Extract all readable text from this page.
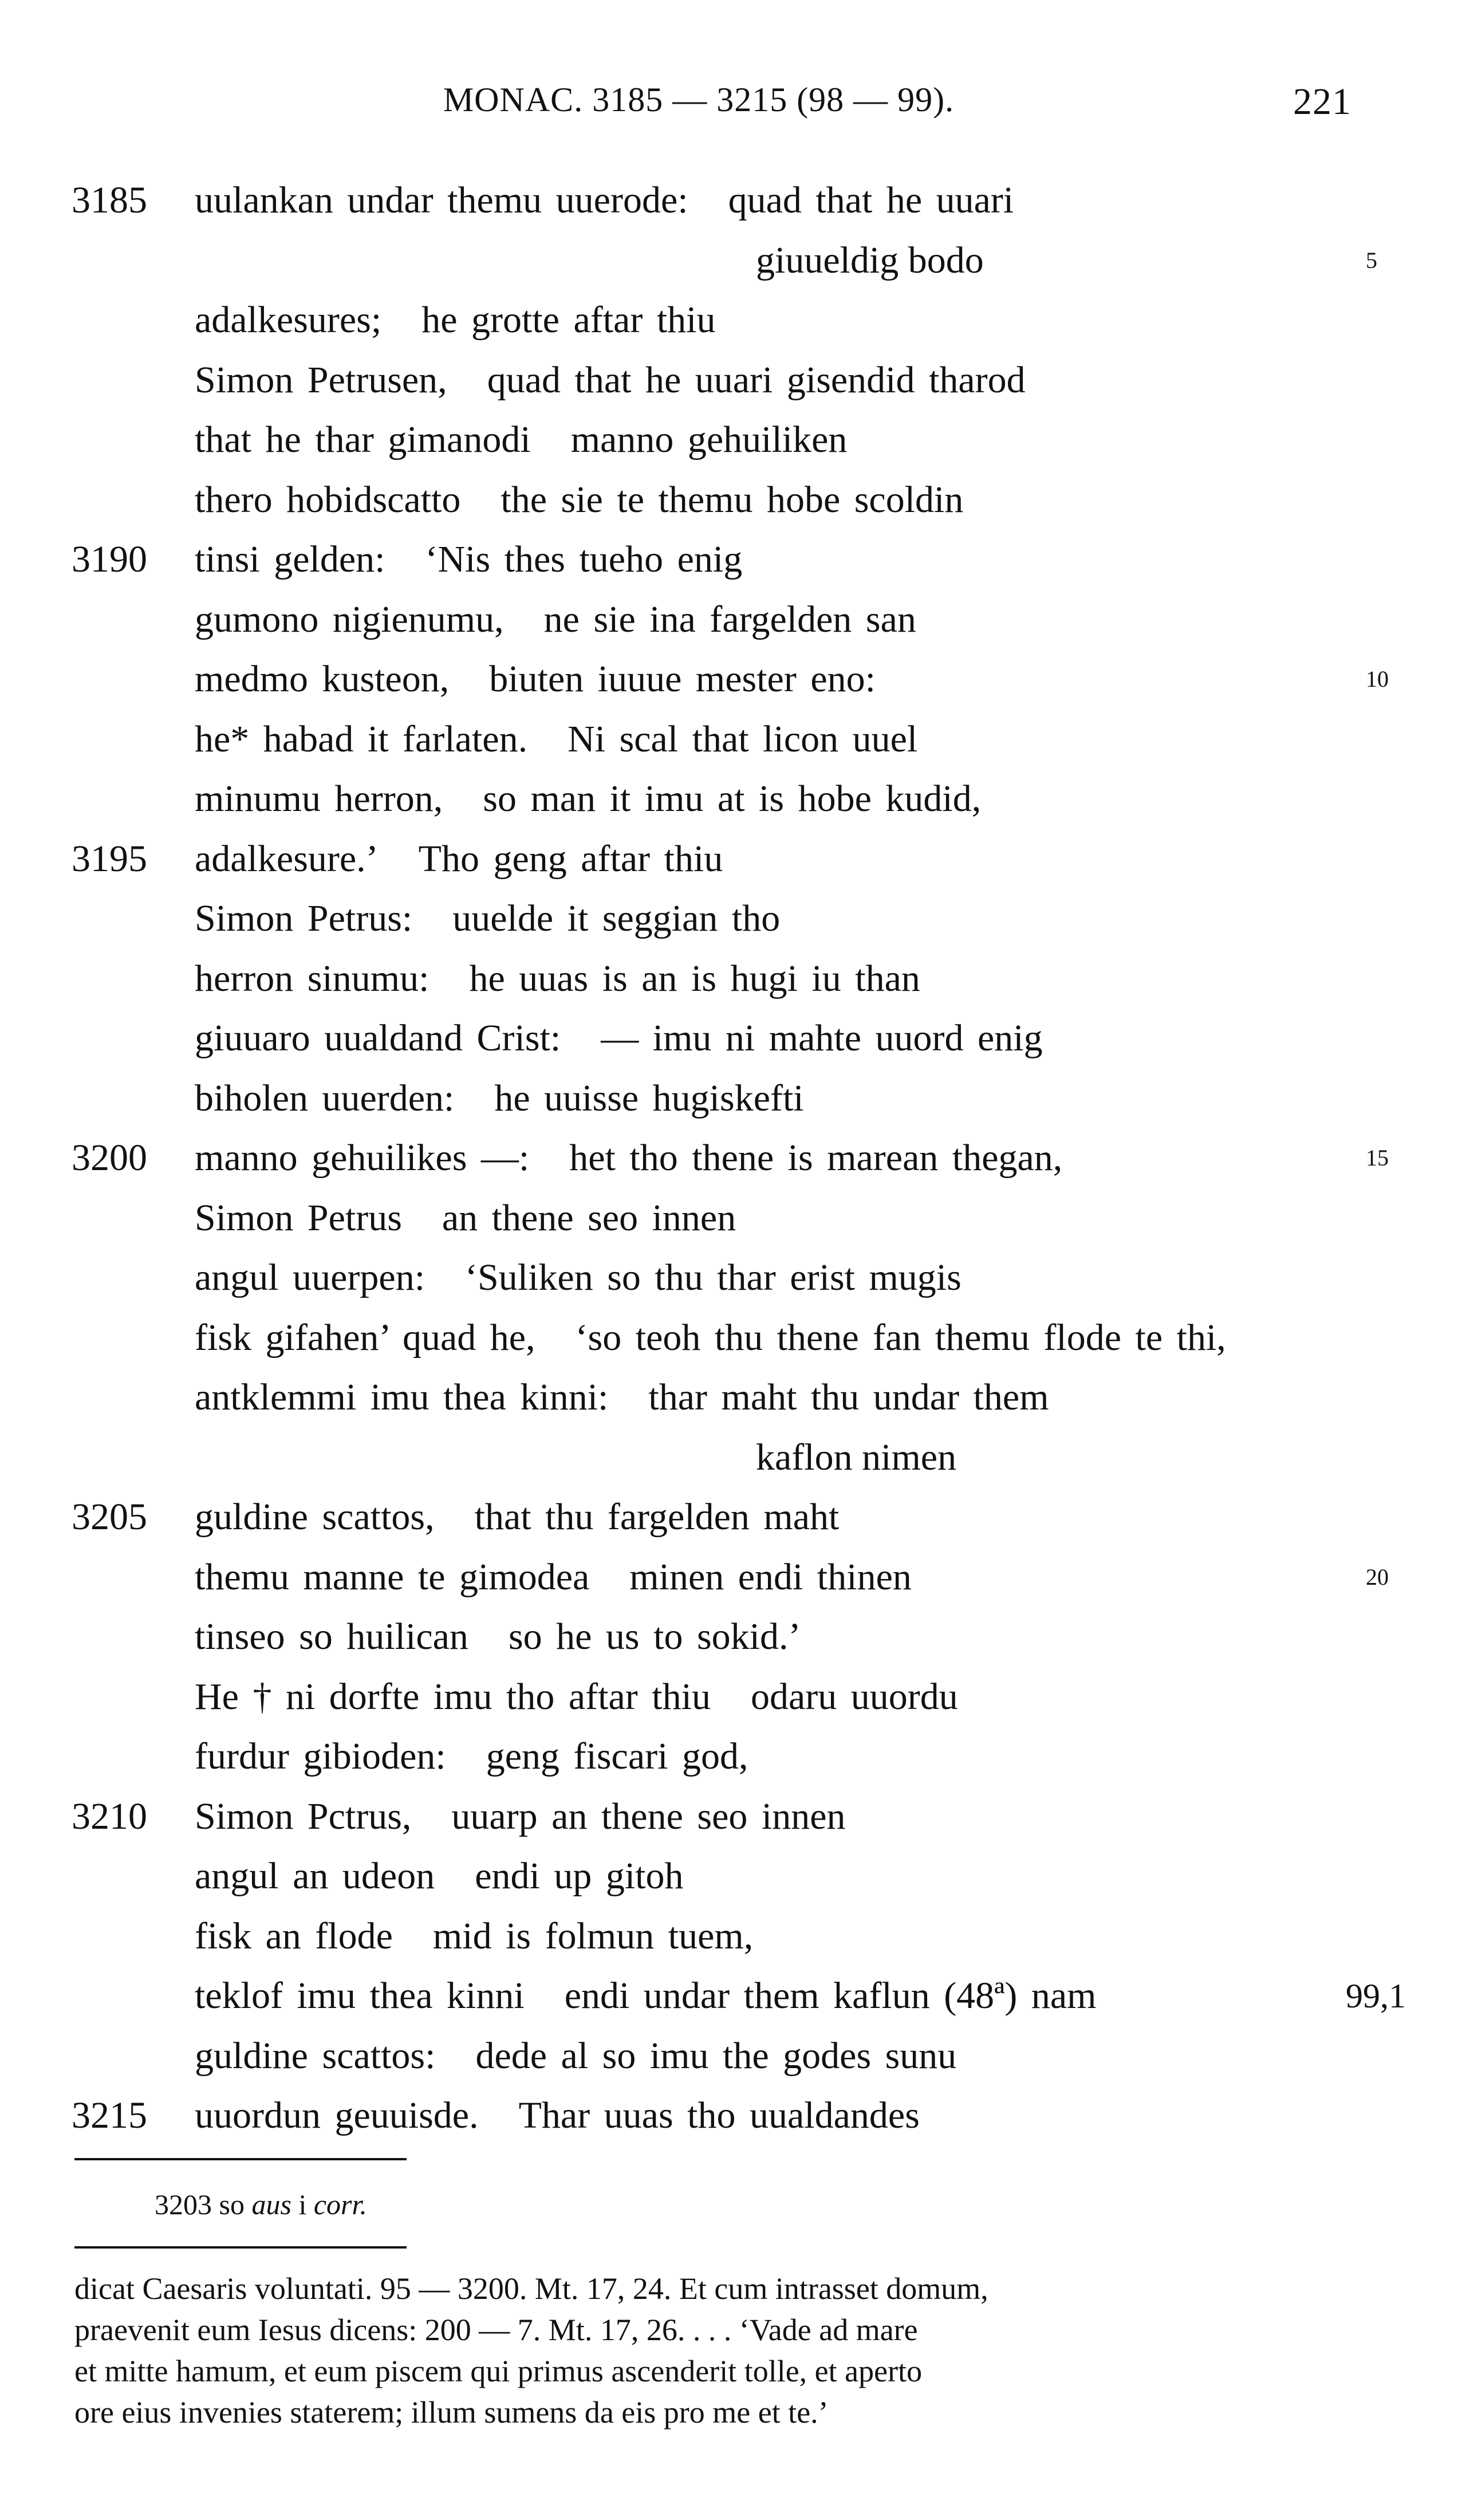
MONAC. 3185 — 3215 (98 — 99).	221
3185 uulankan undar themu uuerode: quad that he uuari
giuueldig bodo	5
adalkesures; he grotte aftar thiu
Simon Petrusen, quad that he uuari gisendid tharod
that he thar gimanodi manno gehuiliken
thero hobidscatto the sie te themu hobe scoldin
3190 tinsi gelden: ‘Nis thes tueho enig
gumono nigienumu, ne sie ina fargelden san
medmo kusteon, biuten iuuue mester eno:	10
he* habad it farlaten. Ni scal that licon uuel
minumu herron, so man it imu at is hobe kudid,
3195 adalkesure.’ Tho geng aftar thiu
Simon Petrus: uuelde it seggian tho
herron sinumu: he uuas is an is hugi iu than
giuuaro uualdand Crist: — imu ni mahte uuord enig
biholen uuerden: he uuisse hugiskefti
3200 manno gehuilikes —: het tho thene is marean thegan,	15
Simon Petrus an thene seo innen
angul uuerpen: ‘Suliken so thu thar erist mugis
fisk gifahen’ quad he, ‘so teoh thu thene fan themu flode te thi,
antklemmi imu thea kinni: thar maht thu undar them
kaflon nimen
3205 guldine scattos, that thu fargelden maht
themu manne te gimodea minen endi thinen	20
tinseo so huilican so he us to sokid.’
He † ni dorfte imu tho aftar thiu odaru uuordu
furdur gibioden: geng fiscari god,
3210 Simon Pctrus, uuarp an thene seo innen
angul an udeon endi up gitoh
fisk an flode mid is folmun tuem,
teklof imu thea kinni endi undar them kaflun (48ª) nam	99,1
guldine scattos: dede al so imu the godes sunu
3215 uuordun geuuisde. Thar uuas tho uualdandes
3203 so aus i corr.
dicat Caesaris voluntati. 95 — 3200. Mt. 17, 24. Et cum intrasset domum,
praevenit eum Iesus dicens: 200 — 7. Mt. 17, 26. . . . ‘Vade ad mare
et mitte hamum, et eum piscem qui primus ascenderit tolle, et aperto
ore eius invenies staterem; illum sumens da eis pro me et te.’
